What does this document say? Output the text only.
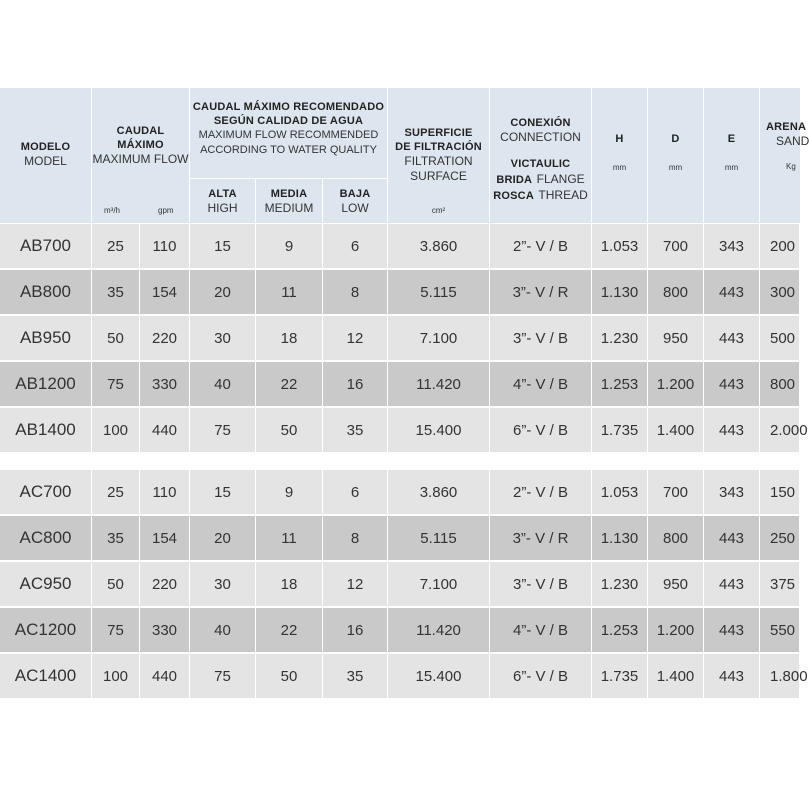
MODELO
MODEL
CAUDAL
MÁXIMO
MAXIMUM FLOW
m³/h	gpm
CAUDAL MÁXIMO RECOMENDADO
SEGÚN CALIDAD DE AGUA
MAXIMUM FLOW RECOMMENDED
ACCORDING TO WATER QUALITY
ALTA
HIGH
MEDIA
MEDIUM
BAJA
LOW
SUPERFICIE
DE FILTRACIÓN
FILTRATION
SURFACE
cm²
CONEXIÓN
CONNECTION
VICTAULIC
BRIDA FLANGE
ROSCA THREAD
H
mm
D
mm
E
mm
ARENA
SAND
Kg
AB700	25	110	15	9	6	3.860	2”- V / B	1.053	700	343	200
AB800	35	154	20	11	8	5.115	3”- V / R	1.130	800	443	300
AB950	50	220	30	18	12	7.100	3”- V / B	1.230	950	443	500
AB1200	75	330	40	22	16	11.420	4”- V / B	1.253	1.200	443	800
AB1400	100	440	75	50	35	15.400	6”- V / B	1.735	1.400	443	2.000
AC700	25	110	15	9	6	3.860	2”- V / B	1.053	700	343	150
AC800	35	154	20	11	8	5.115	3”- V / R	1.130	800	443	250
AC950	50	220	30	18	12	7.100	3”- V / B	1.230	950	443	375
AC1200	75	330	40	22	16	11.420	4”- V / B	1.253	1.200	443	550
AC1400	100	440	75	50	35	15.400	6”- V / B	1.735	1.400	443	1.800
